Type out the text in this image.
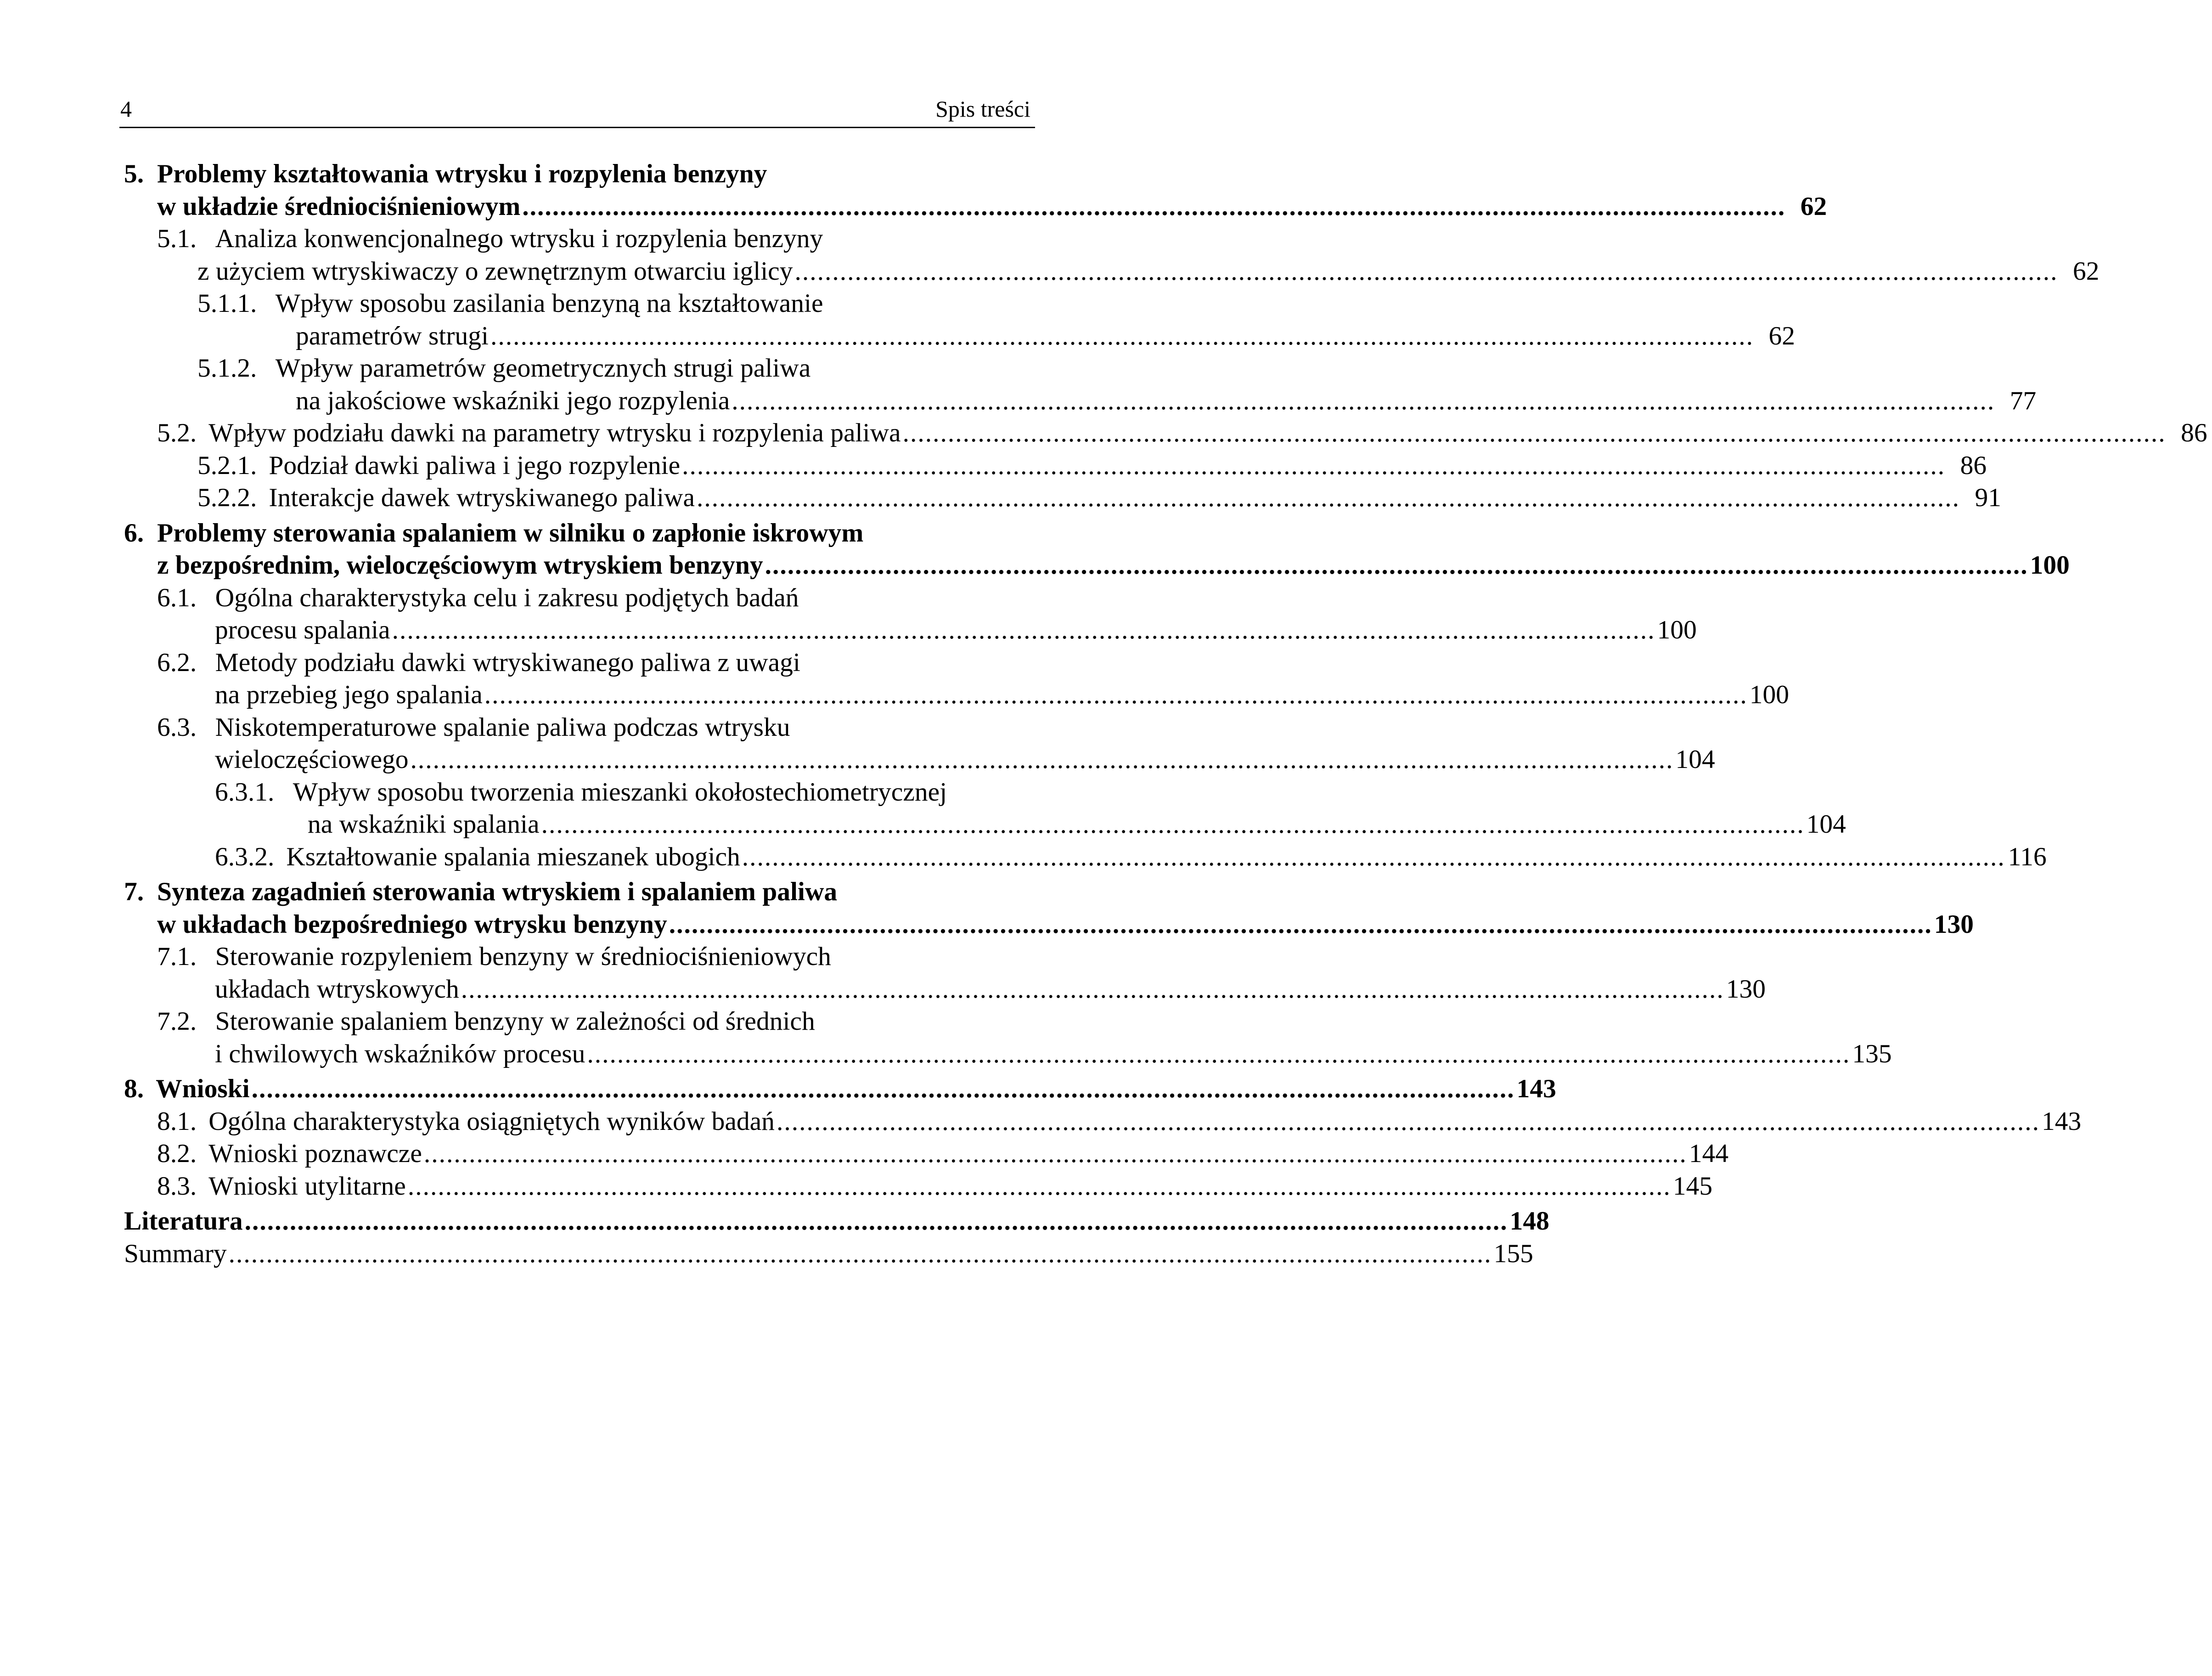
4	Spis treści
5. Problemy kształtowania wtrysku i rozpylenia benzyny
w układzie średniociśnieniowym ........................................................................................................................................................................ 62
5.1. Analiza konwencjonalnego wtrysku i rozpylenia benzyny
z użyciem wtryskiwaczy o zewnętrznym otwarciu iglicy ........................................................................................................................................................................ 62
5.1.1. Wpływ sposobu zasilania benzyną na kształtowanie
parametrów strugi ........................................................................................................................................................................ 62
5.1.2. Wpływ parametrów geometrycznych strugi paliwa
na jakościowe wskaźniki jego rozpylenia ........................................................................................................................................................................ 77
5.2. Wpływ podziału dawki na parametry wtrysku i rozpylenia paliwa ........................................................................................................................................................................ 86
5.2.1. Podział dawki paliwa i jego rozpylenie ........................................................................................................................................................................ 86
5.2.2. Interakcje dawek wtryskiwanego paliwa ........................................................................................................................................................................ 91
6. Problemy sterowania spalaniem w silniku o zapłonie iskrowym
z bezpośrednim, wieloczęściowym wtryskiem benzyny ........................................................................................................................................................................ 100
6.1. Ogólna charakterystyka celu i zakresu podjętych badań
procesu spalania ........................................................................................................................................................................ 100
6.2. Metody podziału dawki wtryskiwanego paliwa z uwagi
na przebieg jego spalania ........................................................................................................................................................................ 100
6.3. Niskotemperaturowe spalanie paliwa podczas wtrysku
wieloczęściowego ........................................................................................................................................................................ 104
6.3.1. Wpływ sposobu tworzenia mieszanki okołostechiometrycznej
na wskaźniki spalania ........................................................................................................................................................................ 104
6.3.2. Kształtowanie spalania mieszanek ubogich ........................................................................................................................................................................ 116
7. Synteza zagadnień sterowania wtryskiem i spalaniem paliwa
w układach bezpośredniego wtrysku benzyny ........................................................................................................................................................................ 130
7.1. Sterowanie rozpyleniem benzyny w średniociśnieniowych
układach wtryskowych ........................................................................................................................................................................ 130
7.2. Sterowanie spalaniem benzyny w zależności od średnich
i chwilowych wskaźników procesu ........................................................................................................................................................................ 135
8. Wnioski ........................................................................................................................................................................ 143
8.1. Ogólna charakterystyka osiągniętych wyników badań ........................................................................................................................................................................ 143
8.2. Wnioski poznawcze ........................................................................................................................................................................ 144
8.3. Wnioski utylitarne ........................................................................................................................................................................ 145
Literatura ........................................................................................................................................................................ 148
Summary ........................................................................................................................................................................ 155
